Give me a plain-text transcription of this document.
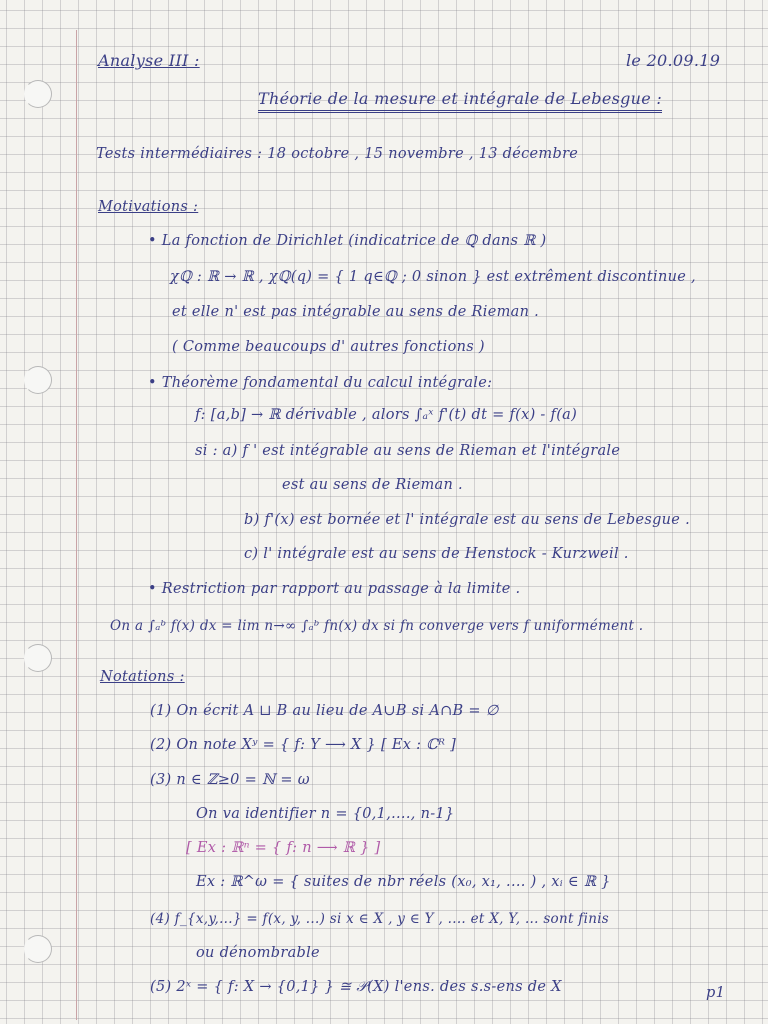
Analyse III :	le 20.09.19
Théorie de la mesure et intégrale de Lebesgue :
Tests intermédiaires : 18 octobre , 15 novembre , 13 décembre
Motivations :
• La fonction de Dirichlet (indicatrice de ℚ dans ℝ )
χℚ : ℝ → ℝ , χℚ(q) = { 1 q∈ℚ ; 0 sinon } est extrêment discontinue ,
et elle n' est pas intégrable au sens de Rieman .
( Comme beaucoups d' autres fonctions )
• Théorème fondamental du calcul intégrale:
f: [a,b] → ℝ dérivable , alors ∫ₐˣ f'(t) dt = f(x) - f(a)
si : a) f ' est intégrable au sens de Rieman et l'intégrale
est au sens de Rieman .
b) f'(x) est bornée et l' intégrale est au sens de Lebesgue .
c) l' intégrale est au sens de Henstock - Kurzweil .
• Restriction par rapport au passage à la limite .
On a ∫ₐᵇ f(x) dx = lim n→∞ ∫ₐᵇ fn(x) dx si fn converge vers f uniformément .
Notations :
(1) On écrit A ⊔ B au lieu de A∪B si A∩B = ∅
(2) On note Xʸ = { f: Y ⟶ X } [ Ex : ℂᴿ ]
(3) n ∈ ℤ≥0 = ℕ = ω
On va identifier n = {0,1,...., n-1}
[ Ex : ℝⁿ = { f: n ⟶ ℝ } ]
Ex : ℝ^ω = { suites de nbr réels (x₀, x₁, .... ) , xᵢ ∈ ℝ }
(4) f_{x,y,...} = f(x, y, ...) si x ∈ X , y ∈ Y , .... et X, Y, ... sont finis
ou dénombrable
(5) 2ˣ = { f: X → {0,1} } ≅ 𝒫(X) l'ens. des s.s-ens de X	p1
